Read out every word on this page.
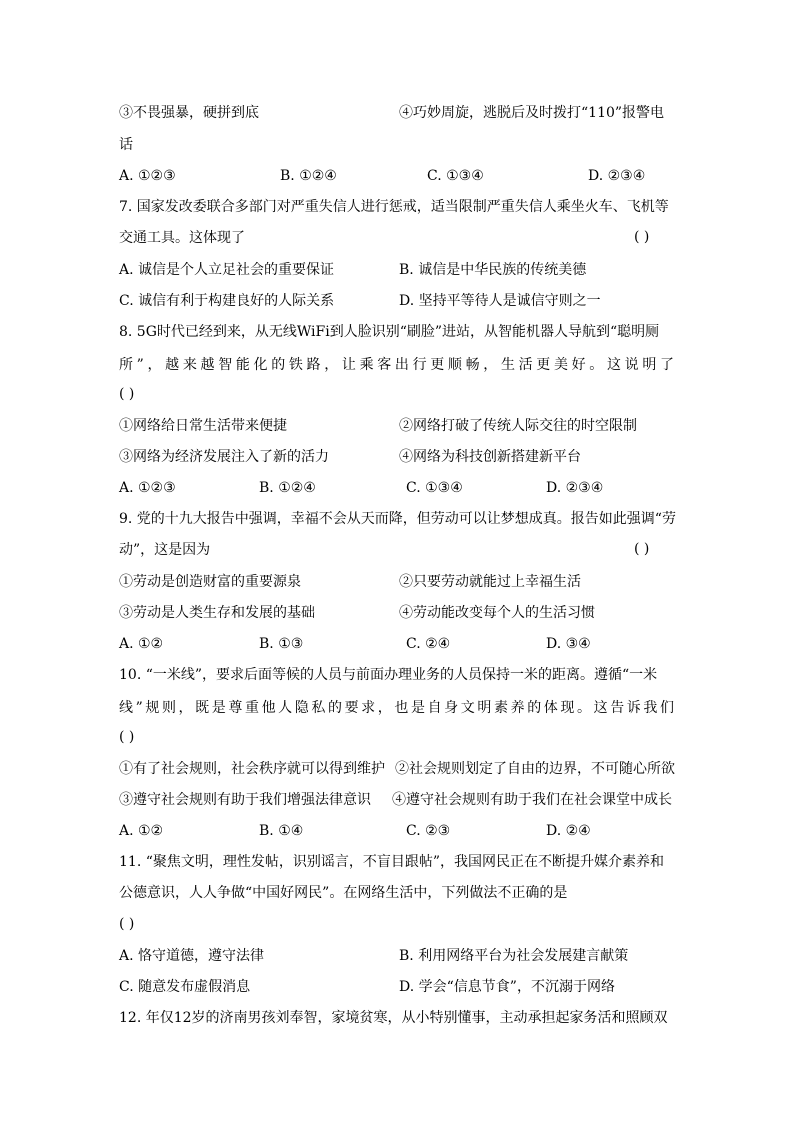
③不畏强暴，硬拼到底	④巧妙周旋，逃脱后及时拨打“110”报警电
话
A. ①②③	B. ①②④	C. ①③④	D. ②③④
7. 国家发改委联合多部门对严重失信人进行惩戒，适当限制严重失信人乘坐火车、飞机等
交通工具。这体现了	( )
A. 诚信是个人立足社会的重要保证	B. 诚信是中华民族的传统美德
C. 诚信有利于构建良好的人际关系	D. 坚持平等待人是诚信守则之一
8. 5G时代已经到来，从无线WiFi到人脸识别“刷脸”进站，从智能机器人导航到“聪明厕
所”，越来越智能化的铁路，让乘客出行更顺畅，生活更美好。这说明了
( )
①网络给日常生活带来便捷	②网络打破了传统人际交往的时空限制
③网络为经济发展注入了新的活力	④网络为科技创新搭建新平台
A. ①②③	B. ①②④	C. ①③④	D. ②③④
9. 党的十九大报告中强调，幸福不会从天而降，但劳动可以让梦想成真。报告如此强调“劳
动”，这是因为	( )
①劳动是创造财富的重要源泉	②只要劳动就能过上幸福生活
③劳动是人类生存和发展的基础	④劳动能改变每个人的生活习惯
A. ①②	B. ①③	C. ②④	D. ③④
10. “一米线”，要求后面等候的人员与前面办理业务的人员保持一米的距离。遵循“一米
线”规则，既是尊重他人隐私的要求，也是自身文明素养的体现。这告诉我们
( )
①有了社会规则，社会秩序就可以得到维护 ②社会规则划定了自由的边界，不可随心所欲
③遵守社会规则有助于我们增强法律意识 ④遵守社会规则有助于我们在社会课堂中成长
A. ①②	B. ①④	C. ②③	D. ②④
11. “聚焦文明，理性发帖，识别谣言，不盲目跟帖”，我国网民正在不断提升媒介素养和
公德意识，人人争做“中国好网民”。在网络生活中，下列做法不正确的是
( )
A. 恪守道德，遵守法律	B. 利用网络平台为社会发展建言献策
C. 随意发布虚假消息	D. 学会“信息节食”，不沉溺于网络
12. 年仅12岁的济南男孩刘奉智，家境贫寒，从小特别懂事，主动承担起家务活和照顾双
